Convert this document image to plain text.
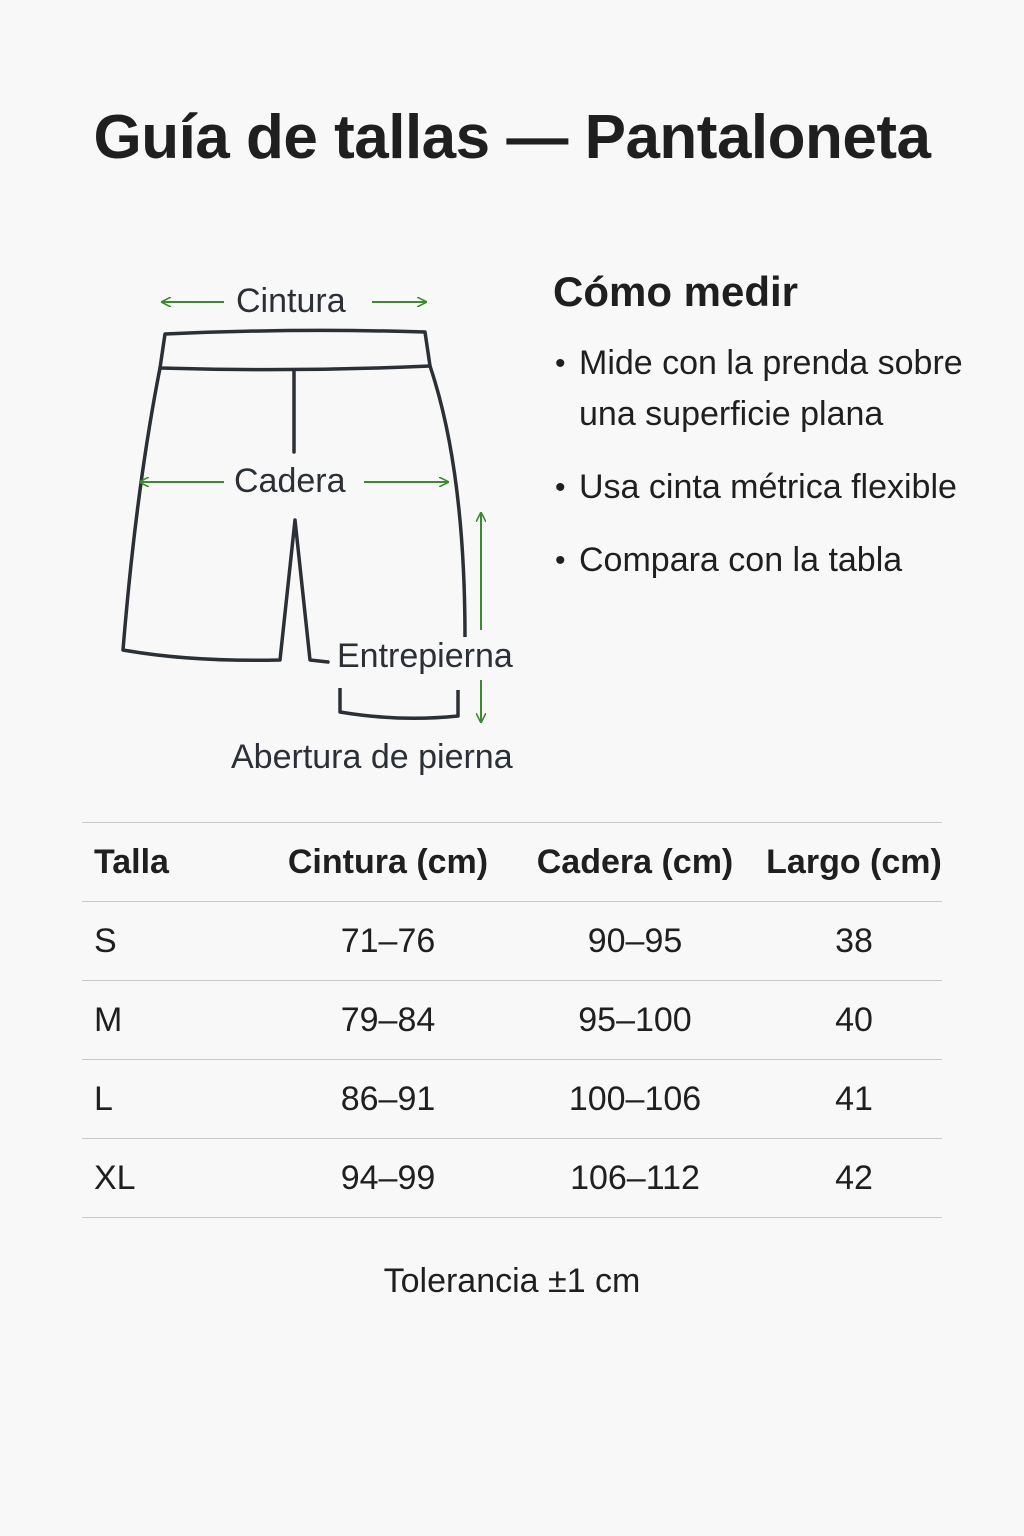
Guía de tallas — Pantaloneta
Cintura
Cadera
Entrepierna
Abertura de pierna
Cómo medir
• Mide con la prenda sobre una superficie plana
• Usa cinta métrica flexible
• Compara con la tabla
Talla	Cintura (cm)	Cadera (cm)	Largo (cm)
S	71–76	90–95	38
M	79–84	95–100	40
L	86–91	100–106	41
XL	94–99	106–112	42
Tolerancia ±1 cm
